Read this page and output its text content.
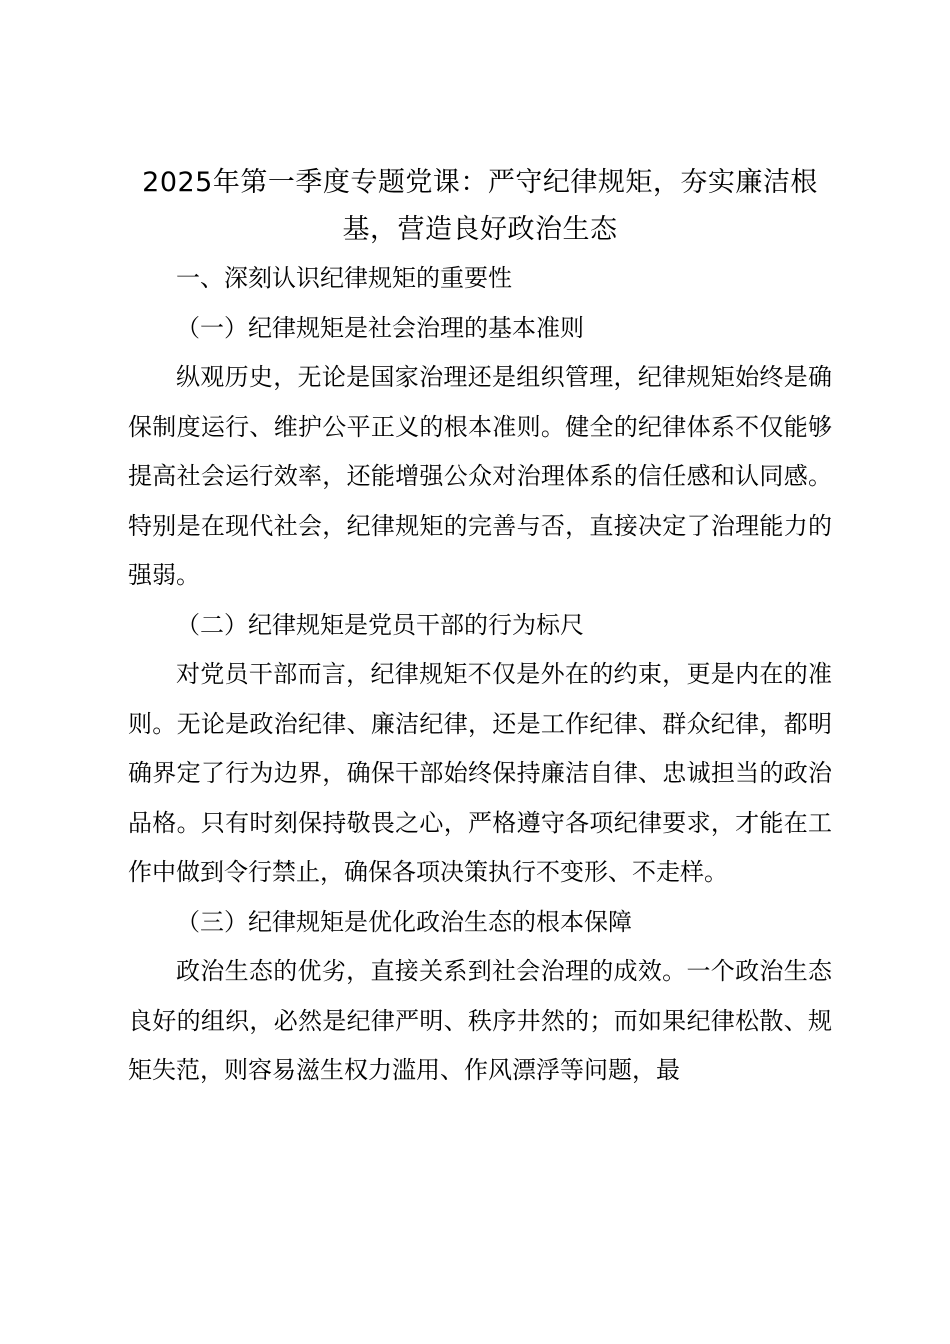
2025年第一季度专题党课：严守纪律规矩，夯实廉洁根基，营造良好政治生态

一、深刻认识纪律规矩的重要性

（一）纪律规矩是社会治理的基本准则

纵观历史，无论是国家治理还是组织管理，纪律规矩始终是确保制度运行、维护公平正义的根本准则。健全的纪律体系不仅能够提高社会运行效率，还能增强公众对治理体系的信任感和认同感。特别是在现代社会，纪律规矩的完善与否，直接决定了治理能力的强弱。

（二）纪律规矩是党员干部的行为标尺

对党员干部而言，纪律规矩不仅是外在的约束，更是内在的准则。无论是政治纪律、廉洁纪律，还是工作纪律、群众纪律，都明确界定了行为边界，确保干部始终保持廉洁自律、忠诚担当的政治品格。只有时刻保持敬畏之心，严格遵守各项纪律要求，才能在工作中做到令行禁止，确保各项决策执行不变形、不走样。

（三）纪律规矩是优化政治生态的根本保障

政治生态的优劣，直接关系到社会治理的成效。一个政治生态良好的组织，必然是纪律严明、秩序井然的；而如果纪律松散、规矩失范，则容易滋生权力滥用、作风漂浮等问题，最
